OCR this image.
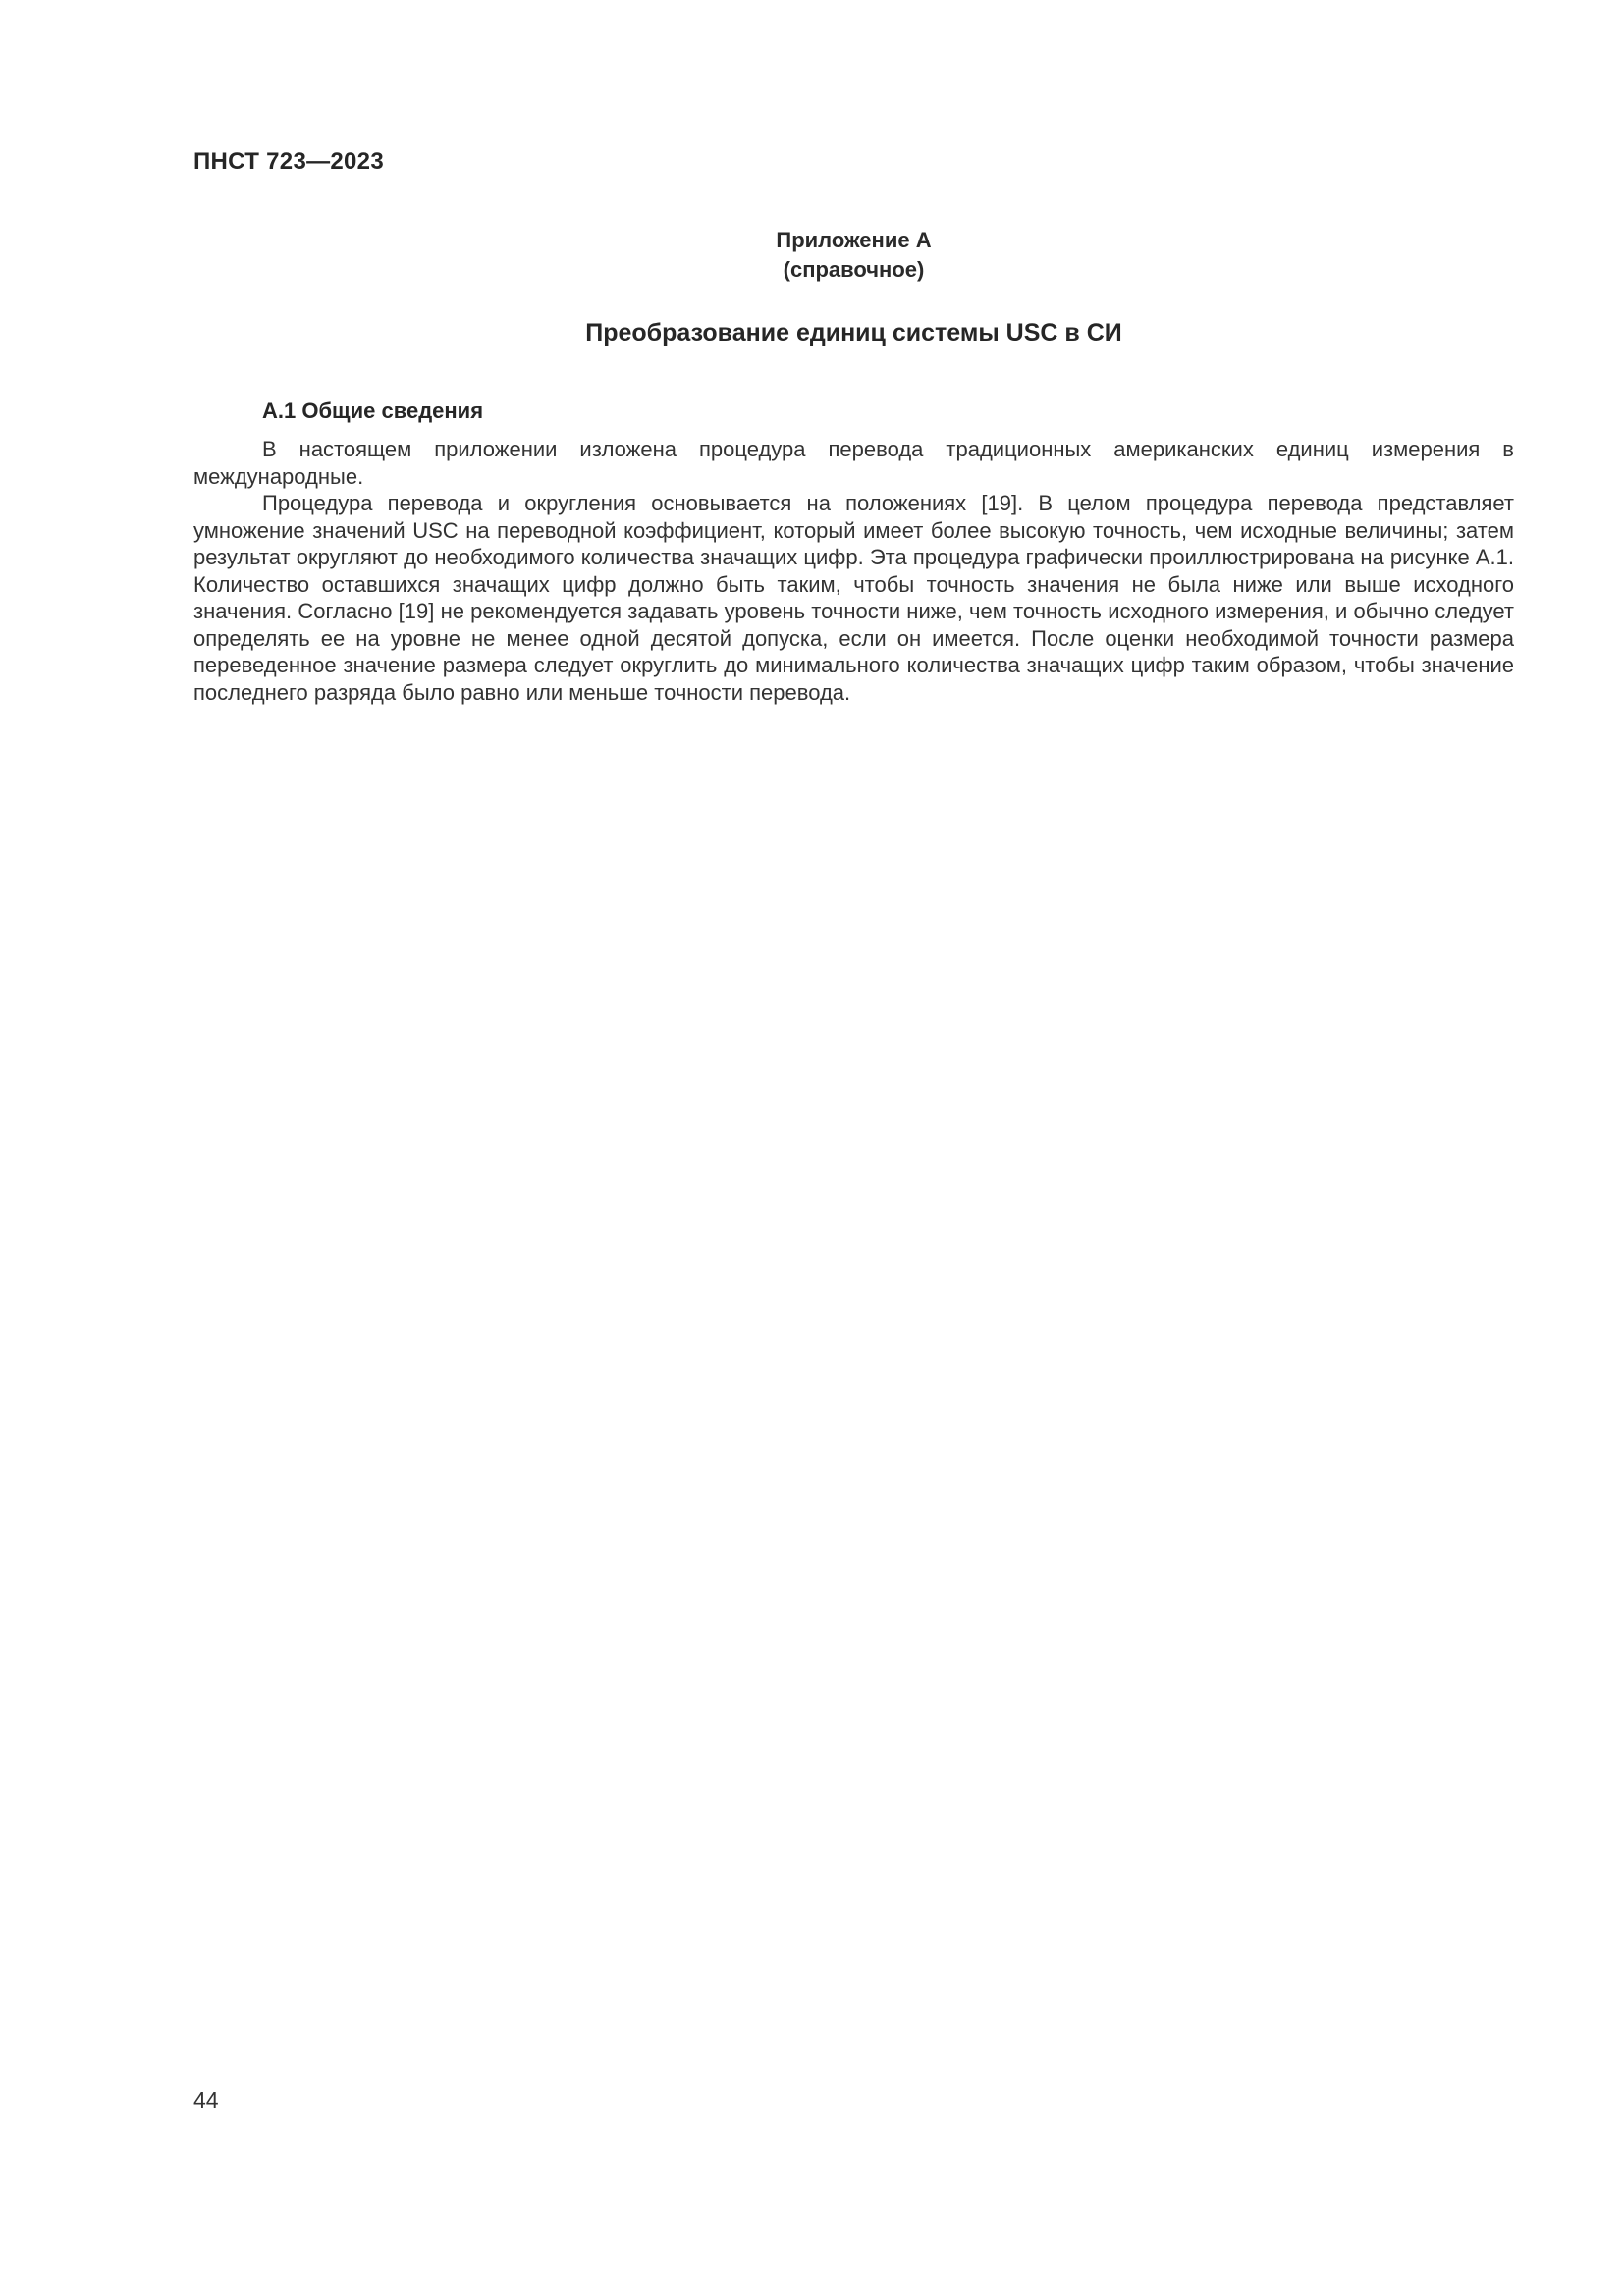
ПНСТ 723—2023
Приложение А
(справочное)
Преобразование единиц системы USC в СИ
А.1 Общие сведения

В настоящем приложении изложена процедура перевода традиционных американских единиц измерения в международные.

Процедура перевода и округления основывается на положениях [19]. В целом процедура перевода представляет умножение значений USC на переводной коэффициент, который имеет более высокую точность, чем исходные величины; затем результат округляют до необходимого количества значащих цифр. Эта процедура графически проиллюстрирована на рисунке А.1. Количество оставшихся значащих цифр должно быть таким, чтобы точность значения не была ниже или выше исходного значения. Согласно [19] не рекомендуется задавать уровень точности ниже, чем точность исходного измерения, и обычно следует определять ее на уровне не менее одной десятой допуска, если он имеется. После оценки необходимой точности размера переведенное значение размера следует округлить до минимального количества значащих цифр таким образом, чтобы значение последнего разряда было равно или меньше точности перевода.

44
